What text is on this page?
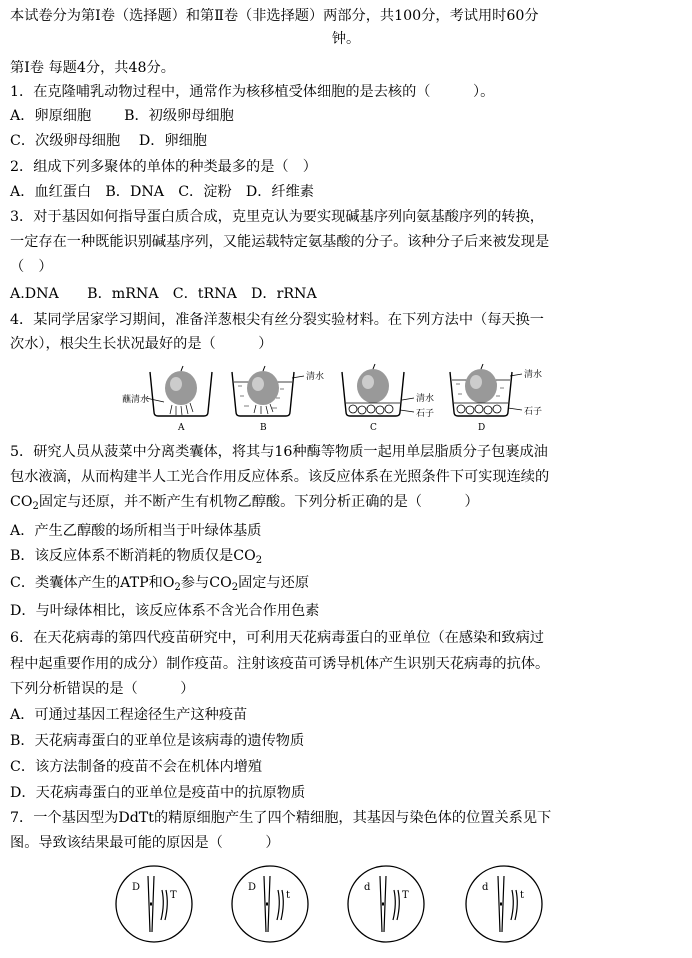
本试卷分为第Ⅰ卷（选择题）和第Ⅱ卷（非选择题）两部分，共100分，考试用时60分
钟。
第Ⅰ卷 每题4分，共48分。
1．在克隆哺乳动物过程中，通常作为核移植受体细胞的是去核的（　　　）。
A．卵原细胞　　 B．初级卵母细胞
C．次级卵母细胞　 D．卵细胞
2．组成下列多聚体的单体的种类最多的是（　）
A．血红蛋白　B．DNA　C．淀粉　D．纤维素
3．对于基因如何指导蛋白质合成，克里克认为要实现碱基序列向氨基酸序列的转换，
一定存在一种既能识别碱基序列，又能运载特定氨基酸的分子。该种分子后来被发现是
（　）
A.DNA　　B．mRNA　C．tRNA　D．rRNA
4．某同学居家学习期间，准备洋葱根尖有丝分裂实验材料。在下列方法中（每天换一
次水），根尖生长状况最好的是（　　　）
蘸清水
A
清水
B
清水
石子
C
清水
石子
D
5．研究人员从菠菜中分离类囊体，将其与16种酶等物质一起用单层脂质分子包裹成油
包水液滴，从而构建半人工光合作用反应体系。该反应体系在光照条件下可实现连续的
$CO_2$固定与还原，并不断产生有机物乙醇酸。下列分析正确的是（　　　）
A．产生乙醇酸的场所相当于叶绿体基质
B．该反应体系不断消耗的物质仅是$CO_2$
C．类囊体产生的ATP和$O_2$参与$CO_2$固定与还原
D．与叶绿体相比，该反应体系不含光合作用色素
6．在天花病毒的第四代疫苗研究中，可利用天花病毒蛋白的亚单位（在感染和致病过
程中起重要作用的成分）制作疫苗。注射该疫苗可诱导机体产生识别天花病毒的抗体。
下列分析错误的是（　　　）
A．可通过基因工程途径生产这种疫苗
B．天花病毒蛋白的亚单位是该病毒的遗传物质
C．该方法制备的疫苗不会在机体内增殖
D．天花病毒蛋白的亚单位是疫苗中的抗原物质
7．一个基因型为DdTt的精原细胞产生了四个精细胞，其基因与染色体的位置关系见下
图。导致该结果最可能的原因是（　　　）
D
T
D
t
d
T
d
t
